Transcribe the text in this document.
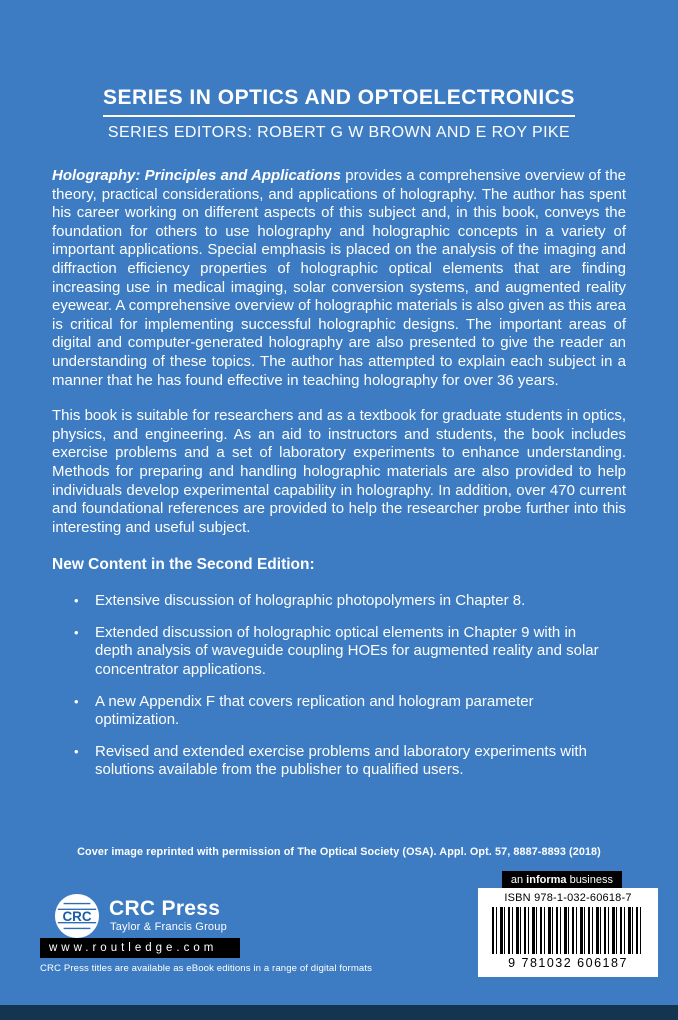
SERIES IN OPTICS AND OPTOELECTRONICS
SERIES EDITORS: ROBERT G W BROWN AND E ROY PIKE

Holography: Principles and Applications provides a comprehensive overview of the theory, practical considerations, and applications of holography. The author has spent his career working on different aspects of this subject and, in this book, conveys the foundation for others to use holography and holographic concepts in a variety of important applications. Special emphasis is placed on the analysis of the imaging and diffraction efficiency properties of holographic optical elements that are finding increasing use in medical imaging, solar conversion systems, and augmented reality eyewear. A comprehensive overview of holographic materials is also given as this area is critical for implementing successful holographic designs. The important areas of digital and computer-generated holography are also presented to give the reader an understanding of these topics. The author has attempted to explain each subject in a manner that he has found effective in teaching holography for over 36 years.

This book is suitable for researchers and as a textbook for graduate students in optics, physics, and engineering. As an aid to instructors and students, the book includes exercise problems and a set of laboratory experiments to enhance understanding. Methods for preparing and handling holographic materials are also provided to help individuals develop experimental capability in holography. In addition, over 470 current and foundational references are provided to help the researcher probe further into this interesting and useful subject.

New Content in the Second Edition:
• Extensive discussion of holographic photopolymers in Chapter 8.
• Extended discussion of holographic optical elements in Chapter 9 with in depth analysis of waveguide coupling HOEs for augmented reality and solar concentrator applications.
• A new Appendix F that covers replication and hologram parameter optimization.
• Revised and extended exercise problems and laboratory experiments with solutions available from the publisher to qualified users.
Cover image reprinted with permission of The Optical Society (OSA). Appl. Opt. 57, 8887-8893 (2018)
an informa business
CRC CRC Press
Taylor & Francis Group
www.routledge.com
CRC Press titles are available as eBook editions in a range of digital formats
ISBN 978-1-032-60618-7
9 781032 606187
